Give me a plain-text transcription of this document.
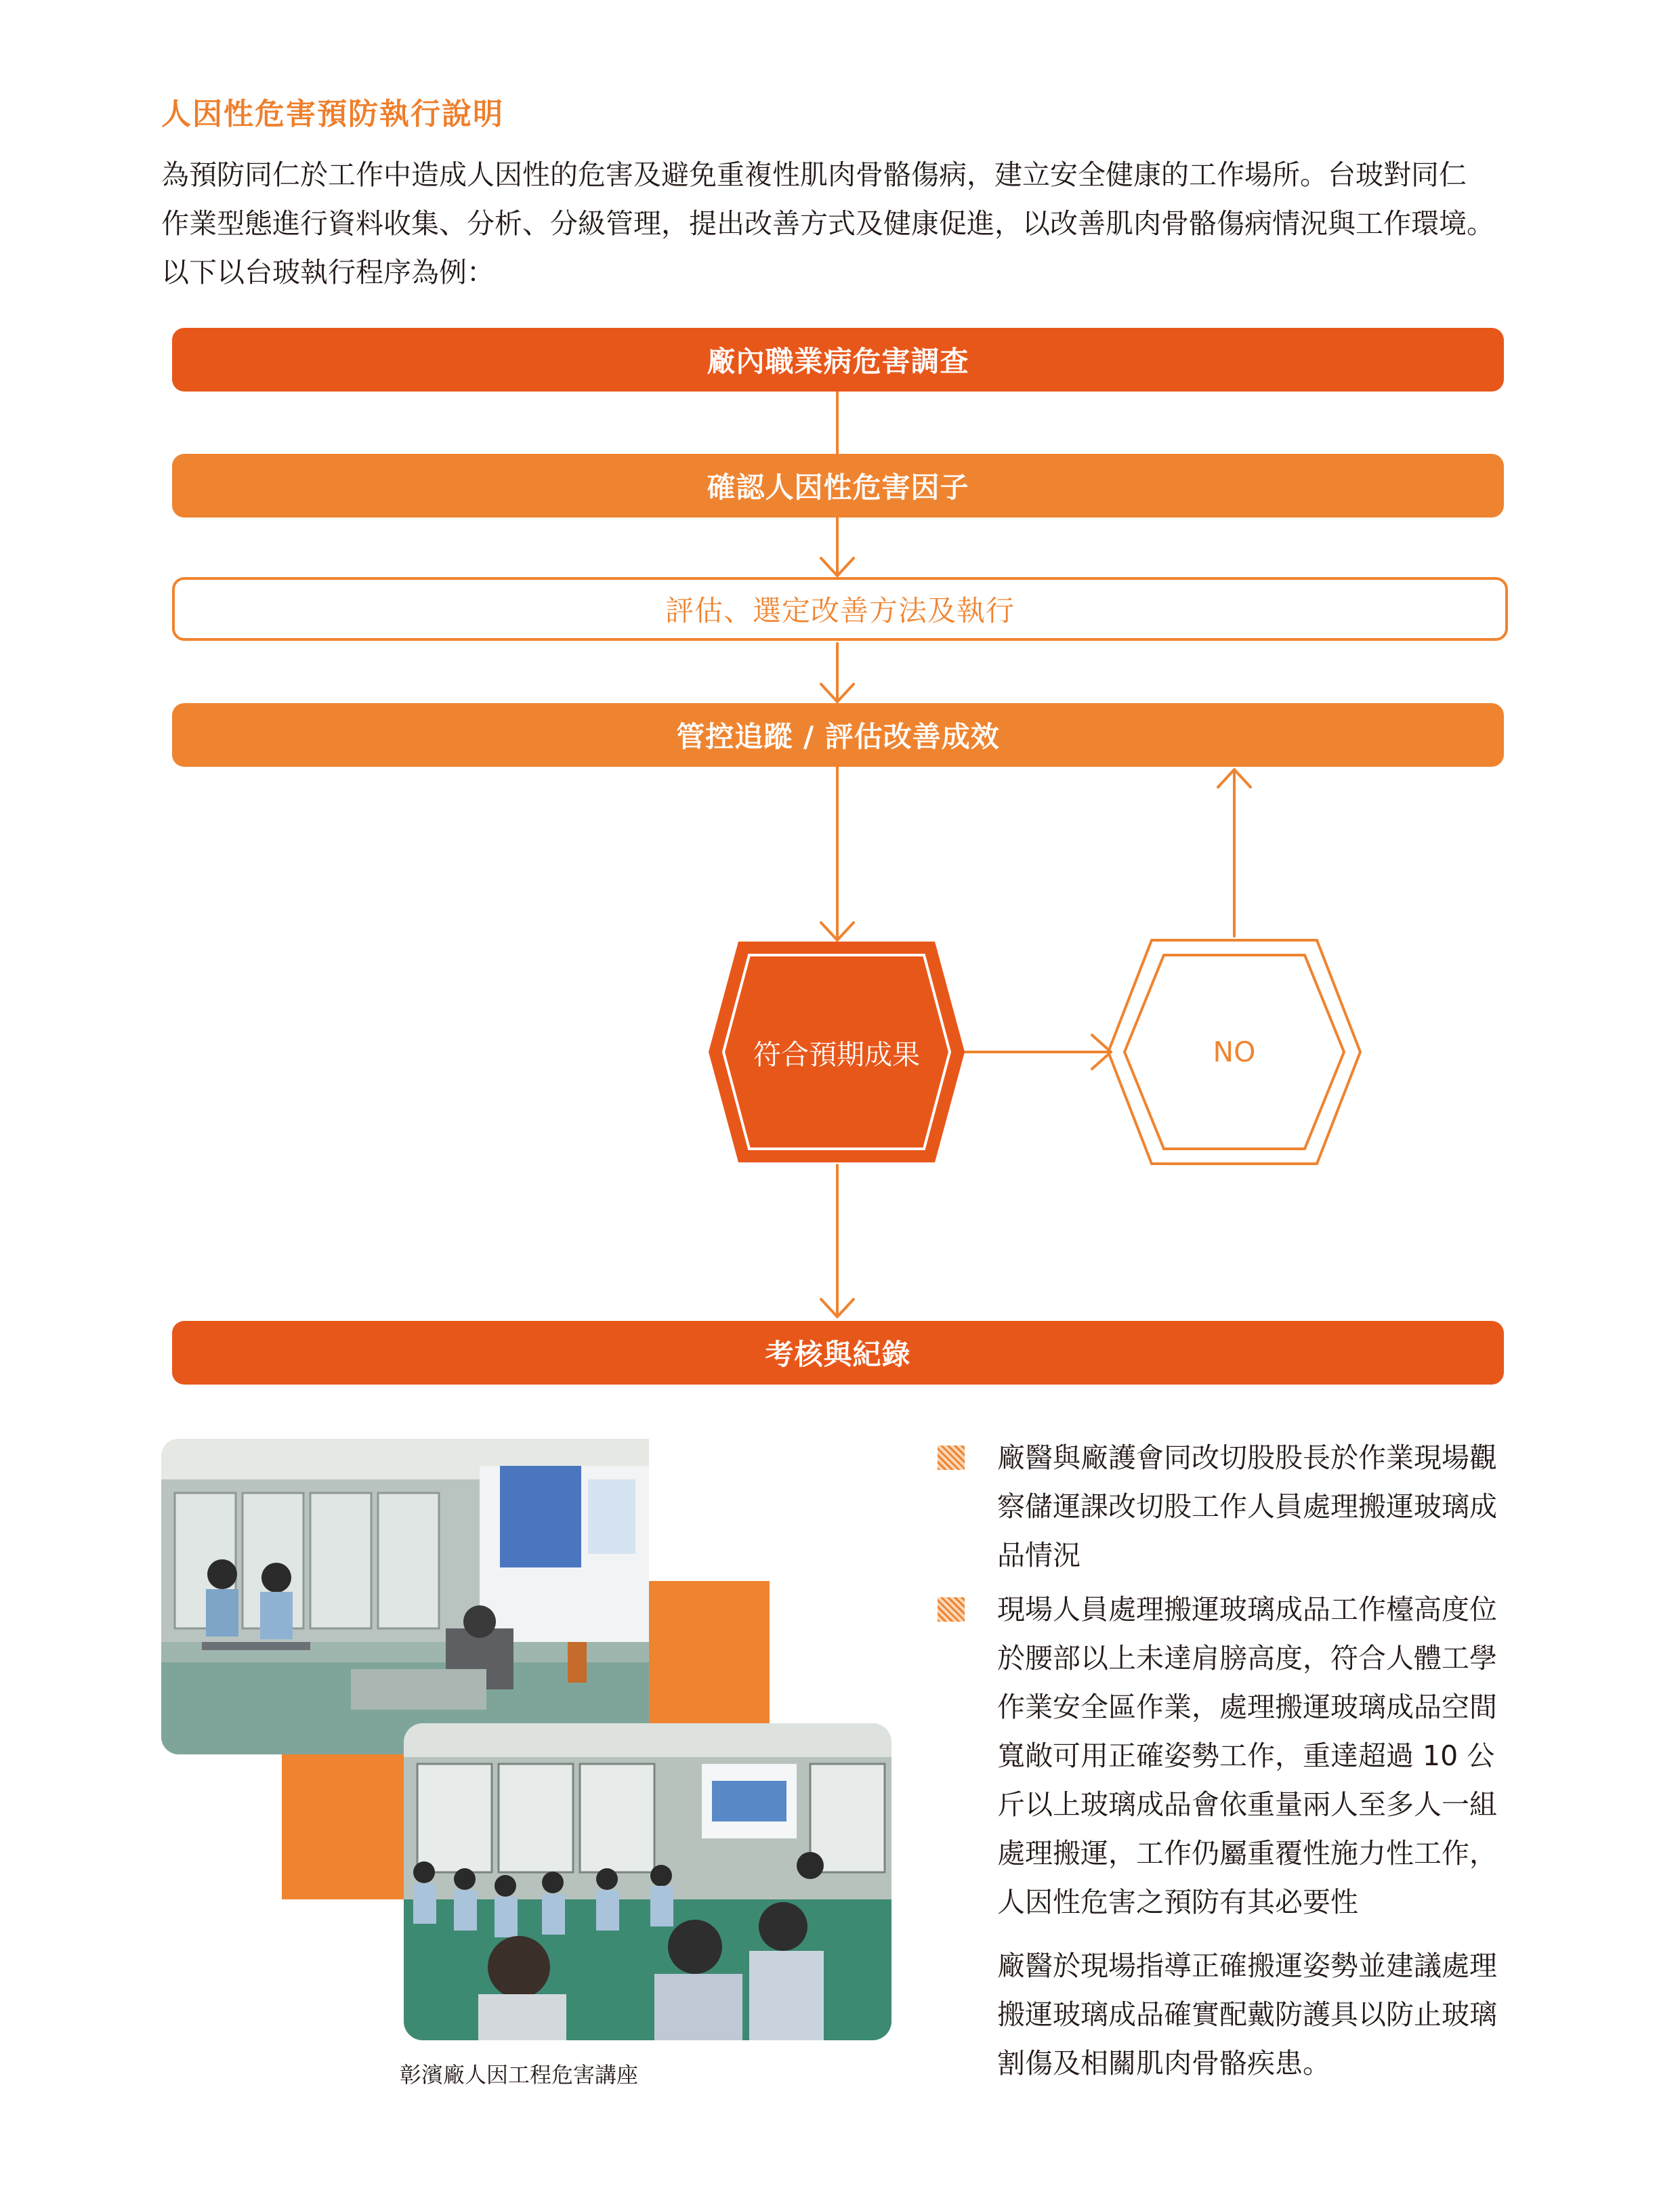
人因性危害預防執行說明
為預防同仁於工作中造成人因性的危害及避免重複性肌肉骨骼傷病，建立安全健康的工作場所。台玻對同仁
作業型態進行資料收集、分析、分級管理，提出改善方式及健康促進，以改善肌肉骨骼傷病情況與工作環境。
以下以台玻執行程序為例：
廠內職業病危害調查
確認人因性危害因子
評估、選定改善方法及執行
管控追蹤 / 評估改善成效
符合預期成果	NO
考核與紀錄
彰濱廠人因工程危害講座
廠醫與廠護會同改切股股長於作業現場觀
察儲運課改切股工作人員處理搬運玻璃成
品情況
現場人員處理搬運玻璃成品工作檯高度位
於腰部以上未達肩膀高度，符合人體工學
作業安全區作業，處理搬運玻璃成品空間
寬敞可用正確姿勢工作，重達超過 10 公
斤以上玻璃成品會依重量兩人至多人一組
處理搬運，工作仍屬重覆性施力性工作，
人因性危害之預防有其必要性
廠醫於現場指導正確搬運姿勢並建議處理
搬運玻璃成品確實配戴防護具以防止玻璃
割傷及相關肌肉骨骼疾患。
